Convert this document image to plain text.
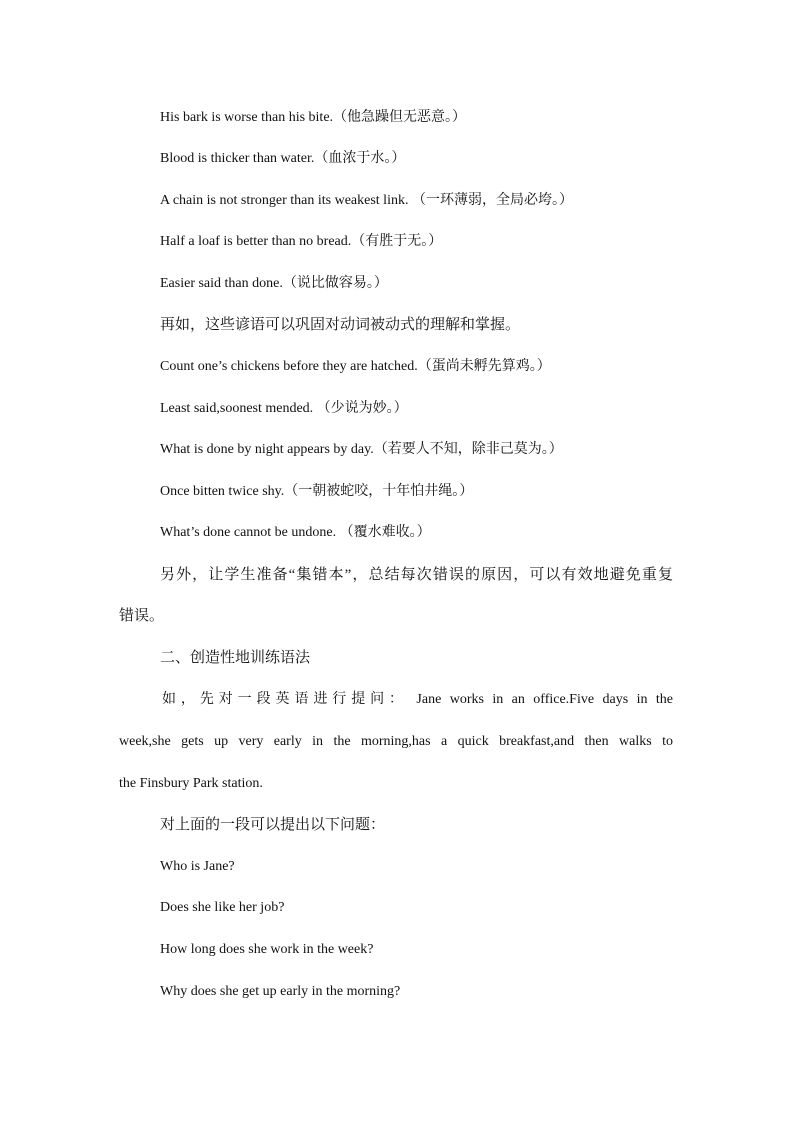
His bark is worse than his bite.（他急躁但无恶意。）
Blood is thicker than water.（血浓于水。）
A chain is not stronger than its weakest link. （一环薄弱，全局必垮。）
Half a loaf is better than no bread.（有胜于无。）
Easier said than done.（说比做容易。）
再如，这些谚语可以巩固对动词被动式的理解和掌握。
Count one’s chickens before they are hatched.（蛋尚未孵先算鸡。）
Least said,soonest mended. （少说为妙。）
What is done by night appears by day.（若要人不知，除非己莫为。）
Once bitten twice shy.（一朝被蛇咬，十年怕井绳。）
What’s done cannot be undone. （覆水难收。）
另外，让学生准备“集错本”，总结每次错误的原因，可以有效地避免重复
错误。
二、创造性地训练语法
如，先对一段英语进行提问： Jane works in an office.Five days in the
week,she gets up very early in the morning,has a quick breakfast,and then walks to
the Finsbury Park station.
对上面的一段可以提出以下问题：
Who is Jane?
Does she like her job?
How long does she work in the week?
Why does she get up early in the morning?
